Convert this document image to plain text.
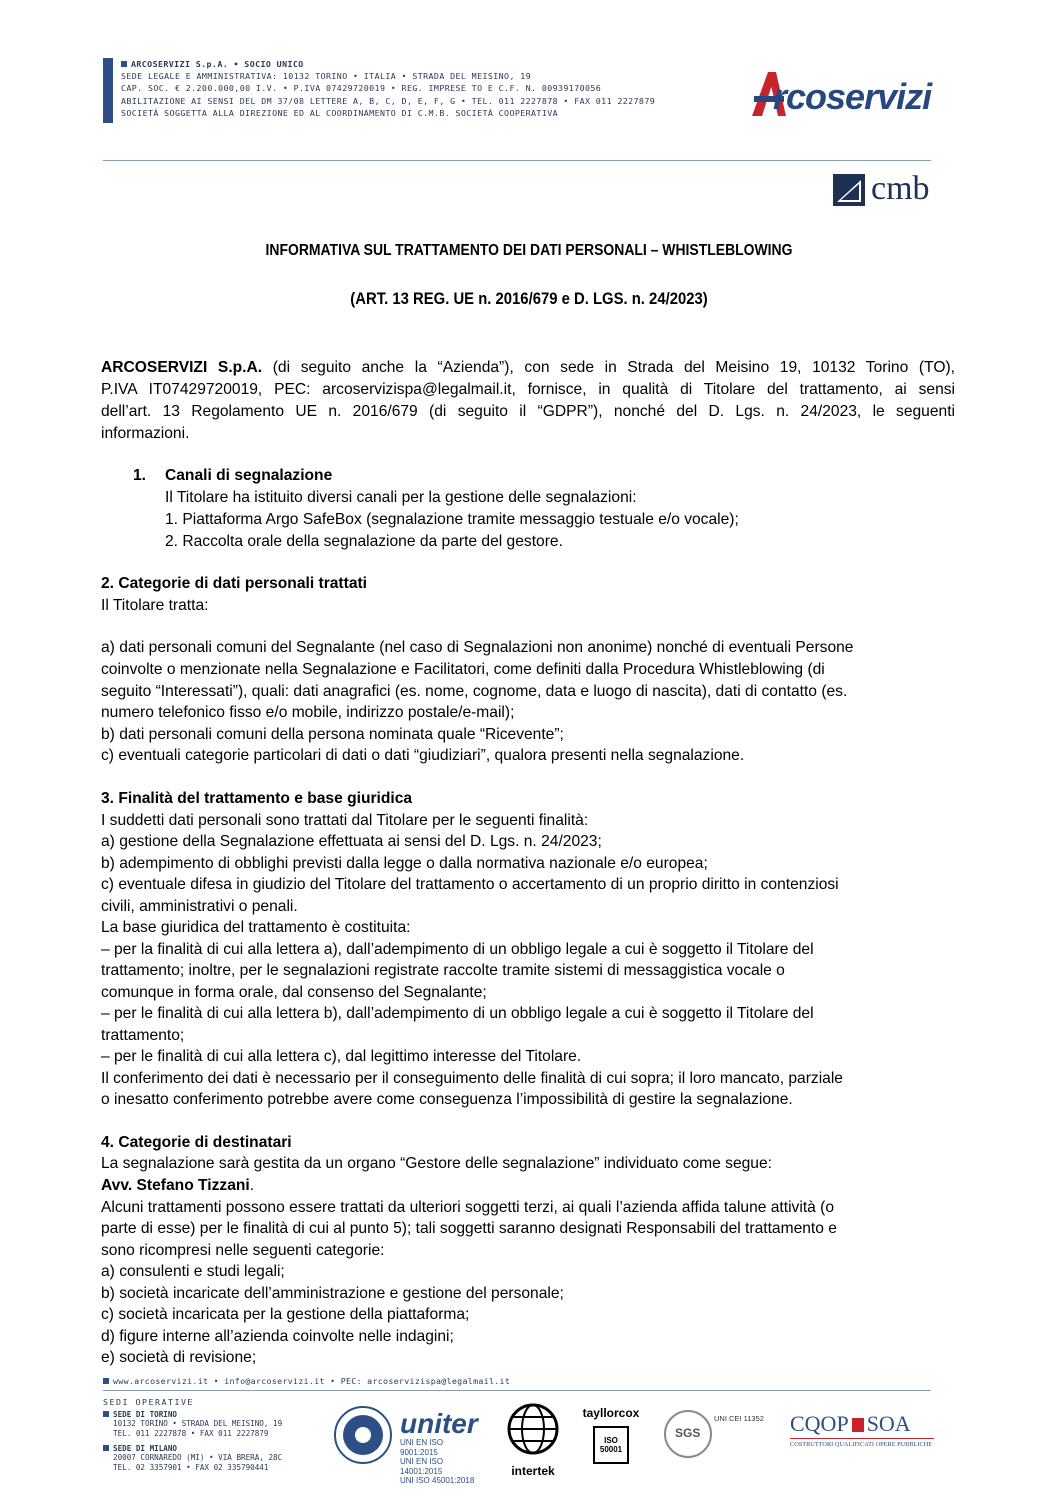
ARCOSERVIZI S.p.A. • SOCIO UNICO
SEDE LEGALE E AMMINISTRATIVA: 10132 TORINO • ITALIA • STRADA DEL MEISINO, 19
CAP. SOC. € 2.200.000,00 I.V. • P.IVA 07429720019 • REG. IMPRESE TO E C.F. N. 00939170056
ABILITAZIONE AI SENSI DEL DM 37/08 LETTERE A, B, C, D, E, F, G • TEL. 011 2227878 • FAX 011 2227879
SOCIETÀ SOGGETTA ALLA DIREZIONE ED AL COORDINAMENTO DI C.M.B. SOCIETÀ COOPERATIVA	rcoservizi
cmb
INFORMATIVA SUL TRATTAMENTO DEI DATI PERSONALI – WHISTLEBLOWING
(ART. 13 REG. UE n. 2016/679 e D. LGS. n. 24/2023)
ARCOSERVIZI S.p.A. (di seguito anche la “Azienda”), con sede in Strada del Meisino 19, 10132 Torino (TO),
P.IVA IT07429720019, PEC: arcoservizispa@legalmail.it, fornisce, in qualità di Titolare del trattamento, ai sensi
dell’art. 13 Regolamento UE n. 2016/679 (di seguito il “GDPR”), nonché del D. Lgs. n. 24/2023, le seguenti
informazioni.
1. Canali di segnalazione
Il Titolare ha istituito diversi canali per la gestione delle segnalazioni:
1. Piattaforma Argo SafeBox (segnalazione tramite messaggio testuale e/o vocale);
2. Raccolta orale della segnalazione da parte del gestore.
2. Categorie di dati personali trattati
Il Titolare tratta:
a) dati personali comuni del Segnalante (nel caso di Segnalazioni non anonime) nonché di eventuali Persone
coinvolte o menzionate nella Segnalazione e Facilitatori, come definiti dalla Procedura Whistleblowing (di
seguito “Interessati”), quali: dati anagrafici (es. nome, cognome, data e luogo di nascita), dati di contatto (es.
numero telefonico fisso e/o mobile, indirizzo postale/e-mail);
b) dati personali comuni della persona nominata quale “Ricevente”;
c) eventuali categorie particolari di dati o dati “giudiziari”, qualora presenti nella segnalazione.
3. Finalità del trattamento e base giuridica
I suddetti dati personali sono trattati dal Titolare per le seguenti finalità:
a) gestione della Segnalazione effettuata ai sensi del D. Lgs. n. 24/2023;
b) adempimento di obblighi previsti dalla legge o dalla normativa nazionale e/o europea;
c) eventuale difesa in giudizio del Titolare del trattamento o accertamento di un proprio diritto in contenziosi
civili, amministrativi o penali.
La base giuridica del trattamento è costituita:
– per la finalità di cui alla lettera a), dall’adempimento di un obbligo legale a cui è soggetto il Titolare del
trattamento; inoltre, per le segnalazioni registrate raccolte tramite sistemi di messaggistica vocale o
comunque in forma orale, dal consenso del Segnalante;
– per le finalità di cui alla lettera b), dall’adempimento di un obbligo legale a cui è soggetto il Titolare del
trattamento;
– per le finalità di cui alla lettera c), dal legittimo interesse del Titolare.
Il conferimento dei dati è necessario per il conseguimento delle finalità di cui sopra; il loro mancato, parziale
o inesatto conferimento potrebbe avere come conseguenza l’impossibilità di gestire la segnalazione.
4. Categorie di destinatari
La segnalazione sarà gestita da un organo “Gestore delle segnalazione” individuato come segue:
Avv. Stefano Tizzani.
Alcuni trattamenti possono essere trattati da ulteriori soggetti terzi, ai quali l’azienda affida talune attività (o
parte di esse) per le finalità di cui al punto 5); tali soggetti saranno designati Responsabili del trattamento e
sono ricompresi nelle seguenti categorie:
a) consulenti e studi legali;
b) società incaricate dell’amministrazione e gestione del personale;
c) società incaricata per la gestione della piattaforma;
d) figure interne all’azienda coinvolte nelle indagini;
e) società di revisione;
www.arcoservizi.it • info@arcoservizi.it • PEC: arcoservizispa@legalmail.it
SEDI OPERATIVE
SEDE DI TORINO
10132 TORINO • STRADA DEL MEISINO, 19
TEL. 011 2227878 • FAX 011 2227879
SEDE DI MILANO
20007 CORNAREDO (MI) • VIA BRERA, 28C
TEL. 02 3357901 • FAX 02 335790441
uniter
UNI EN ISO 9001:2015
UNI EN ISO 14001:2015
UNI ISO 45001:2018
intertek
tayllorcox
ISO 50001
SGS
UNI CEI 11352 CQOP SOA
COSTRUTTORI QUALIFICATI OPERE PUBBLICHE
